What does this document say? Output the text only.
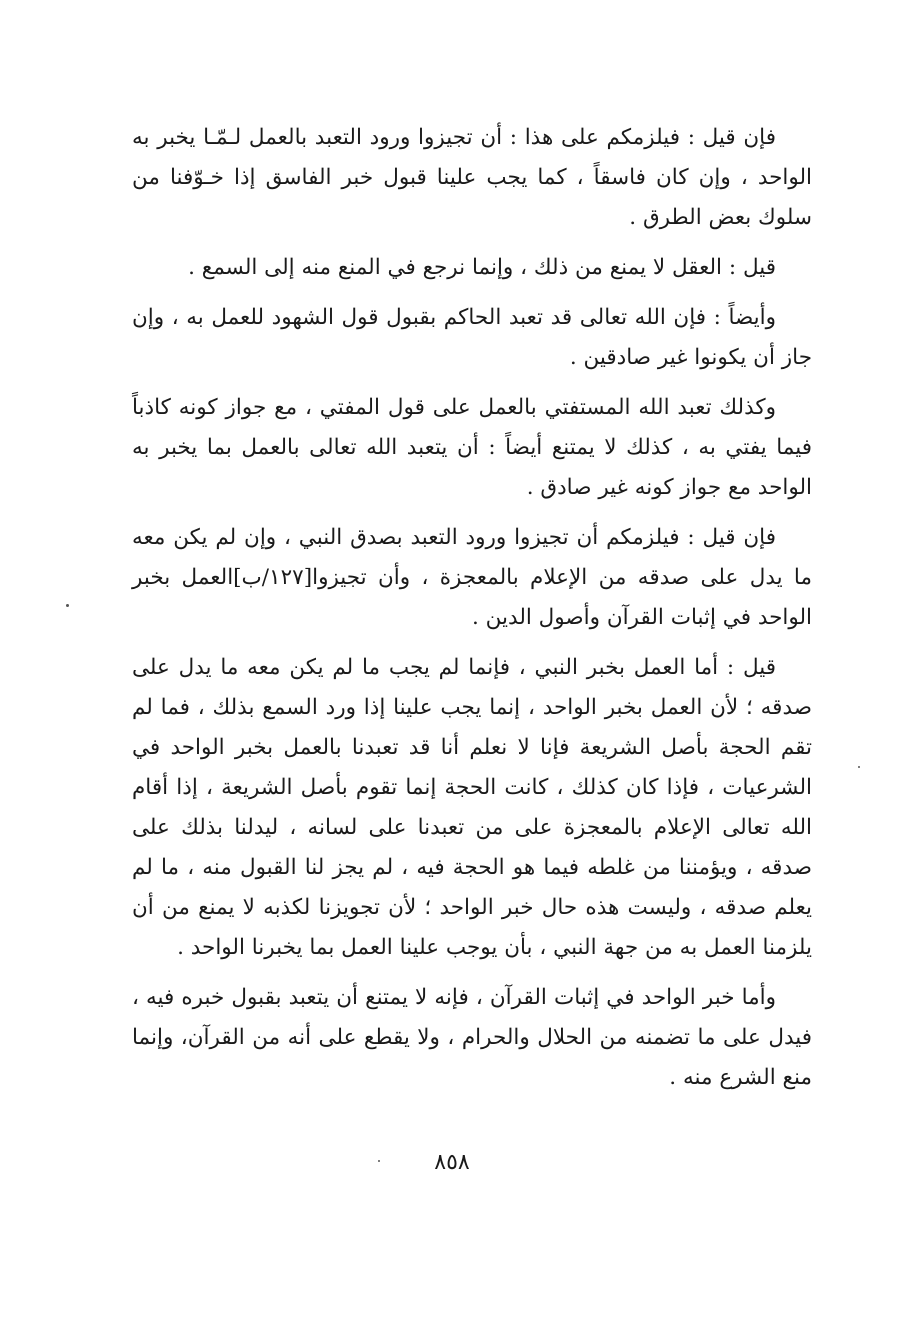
فإن قيل : فيلزمكم على هذا : أن تجيزوا ورود التعبد بالعمل لـمّـا يخبر به الواحد ، وإن كان فاسقاً ، كما يجب علينا قبول خبر الفاسق إذا خـوّفنا من سلوك بعض الطرق .

قيل : العقل لا يمنع من ذلك ، وإنما نرجع في المنع منه إلى السمع .

وأيضاً : فإن الله تعالى قد تعبد الحاكم بقبول قول الشهود للعمل به ، وإن جاز أن يكونوا غير صادقين .

وكذلك تعبد الله المستفتي بالعمل على قول المفتي ، مع جواز كونه كاذباً فيما يفتي به ، كذلك لا يمتنع أيضاً : أن يتعبد الله تعالى بالعمل بما يخبر به الواحد مع جواز كونه غير صادق .

فإن قيل : فيلزمكم أن تجيزوا ورود التعبد بصدق النبي ، وإن لم يكن معه ما يدل على صدقه من الإعلام بالمعجزة ، وأن تجيزوا[١٢٧/ب]العمل بخبر الواحد في إثبات القرآن وأصول الدين .

قيل : أما العمل بخبر النبي ، فإنما لم يجب ما لم يكن معه ما يدل على صدقه ؛ لأن العمل بخبر الواحد ، إنما يجب علينا إذا ورد السمع بذلك ، فما لم تقم الحجة بأصل الشريعة فإنا لا نعلم أنا قد تعبدنا بالعمل بخبر الواحد في الشرعيات ، فإذا كان كذلك ، كانت الحجة إنما تقوم بأصل الشريعة ، إذا أقام الله تعالى الإعلام بالمعجزة على من تعبدنا على لسانه ، ليدلنا بذلك على صدقه ، ويؤمننا من غلطه فيما هو الحجة فيه ، لم يجز لنا القبول منه ، ما لم يعلم صدقه ، وليست هذه حال خبر الواحد ؛ لأن تجويزنا لكذبه لا يمنع من أن يلزمنا العمل به من جهة النبي ، بأن يوجب علينا العمل بما يخبرنا الواحد .

وأما خبر الواحد في إثبات القرآن ، فإنه لا يمتنع أن يتعبد بقبول خبره فيه ، فيدل على ما تضمنه من الحلال والحرام ، ولا يقطع على أنه من القرآن، وإنما منع الشرع منه .

٨٥٨
